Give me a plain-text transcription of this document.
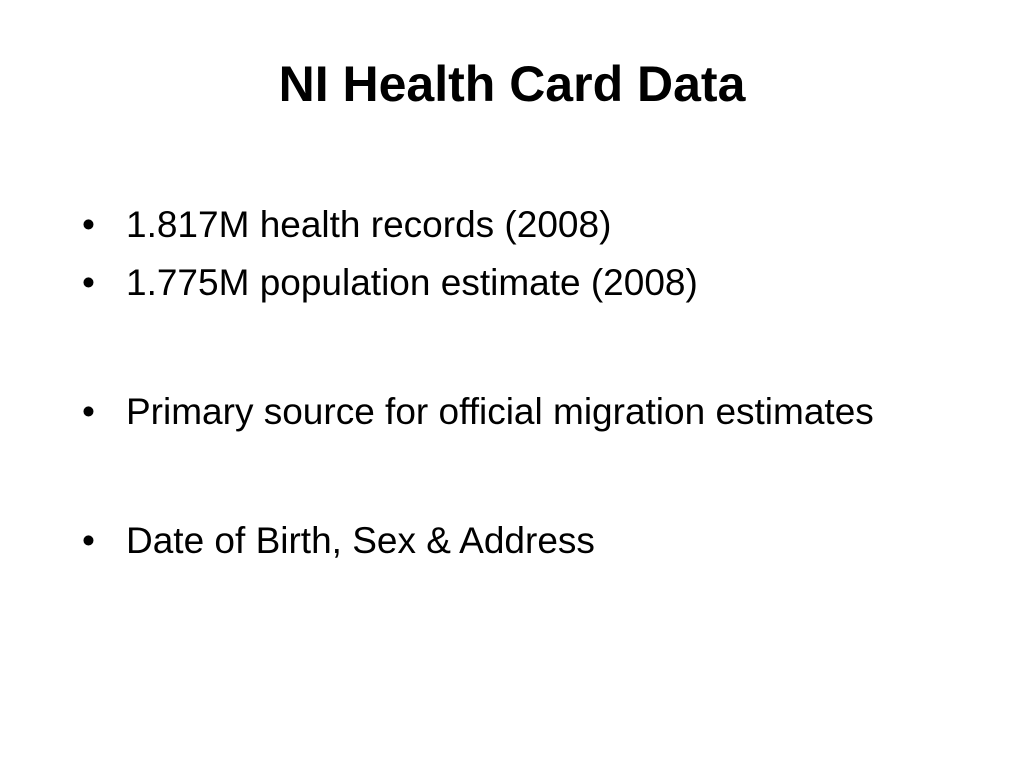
NI Health Card Data
• 1.817M health records (2008)
• 1.775M population estimate (2008)
• Primary source for official migration estimates
• Date of Birth, Sex & Address
